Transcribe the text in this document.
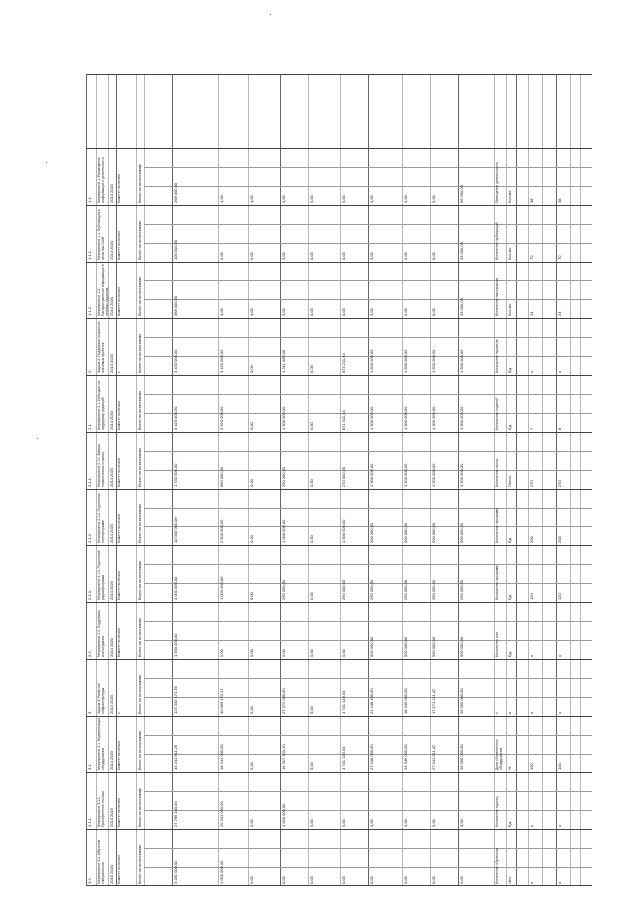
1.1. Мероприятие 1. Размещение информации о деятельности 2014 2020 Комитет по печати	Всего по источникам	268 000,00	4,00	4,00	0,00	0,00	0,00	0,00	0,00	0,00	66 000,00	Освещение деятельности Кол-во	38	38
1.1.1. Мероприятие 1.1. Публикация в печатных СМИ 2014 2020 Комитет по печати	Всего по источникам	100 000,00	0,00	0,00	0,00	0,00	0,00	0,00	0,00	0,00	33 000,00	Количество публикаций Кол-во	70	70
1.1.2. Мероприятие 1.2. Распространение информации в сетевых изданиях 2014 2020 Комитет по печати	Всего по источникам	368 000,00	4,00	4,00	0,00	0,00	0,00	0,00	0,00	0,00	33 000,00	Количество материалов Кол-во	24	24
2. Задача 2. Поддержка социально значимых проектов 2014 2020 х	Всего по источникам	3 420 000,00	3 420 000,00	0,00	1 311 000,00	0,00	874 211,44	1 500 000,00	1 500 000,00	1 500 000,00	1 500 000,00	Количество проектов Ед.	x	x
2.1. Мероприятие 2.1. Субсидии на поддержку редакций 2014 2020 Комитет по печати	Всего по источникам	3 420 000,00	3 320 000,00	0,00	1 300 000,00	0,00	871 011,44	1 300 000,00	1 300 000,00	1 300 000,00	1 300 000,00	Количество изданий Ед.	7	8
2.1.1. Мероприятие 2.1.1. Выпуск тематических страниц 2014 2020 Комитет по печати	Всего по источникам	1 740 000,00	960 000,00	0,00	250 000,00	0,00	270 000,00	1 500 000,00	1 500 000,00	1 500 000,00	1 500 000,00	Количество полос Полос	270	270
2.1.2. Мероприятие 2.1.2. Подготовка телепрограмм 2014 2020 Комитет по печати	Всего по источникам	10 000 000,00	2 500 000,00	0,00	1 000 000,00	0,00	1 000 000,00	500 000,00	500 000,00	500 000,00	500 000,00	Количество программ Ед.	200	200
2.1.3. Мероприятие 2.1.3. Подготовка радиопрограмм 2014 2020 Комитет по печати	Всего по источникам	4 000 000,00	1 000 000,00	0,00	250 000,00	0,00	250 000,00	250 000,00	250 000,00	250 000,00	250 000,00	Количество программ Ед.	120	120
2.2. Мероприятие 2.2. Поддержка книгоиздания 2014 2020 Комитет по печати	Всего по источникам	1 500 000,00	0,00	0,00	0,00	0,00	0,00	500 000,00	500 000,00	500 000,00	500 000,00	Количество книг Ед.	x	x
3. Задача 3. Развитие инфраструктуры 2014 2020 х	Всего по источникам	123 345 171,39	40 066 122,17	0,00	27 372 000,00	0,00	4 741 143,54	21 348 400,00	18 346 000,00	17 171 211,47	26 090 000,00	х х	x	x
3.1. Мероприятие 3.1. Модернизация оборудования 2014 2020 Комитет по печати	Всего по источникам	43 241 511,29	18 241 000,00	0,00	16 317 220,10	0,00	4 741 143,54	27 348 000,00	24 346 000,00	27 041 211,47	26 090 000,00	Доля обновлённого оборудования %	100	100
3.1.1. Мероприятие 3.1.1. Приобретение техники 2014 2016 Комитет по печати	Всего по источникам	27 766 100,00	20 341 000,00	0,00	4 000 000,00	0,00	0,00	0,00	0,00	0,00	0,00	Количество единиц Ед.	x	x
3.2. Мероприятие 3.2. Обучение специалистов 2015 2020 Комитет по печати	Всего по источникам	3 281 000,00	1 000 000,00	0,00	0,00	0,00	0,00	0,00	0,00	0,00	0,00	Количество обученных Чел.	x	x
